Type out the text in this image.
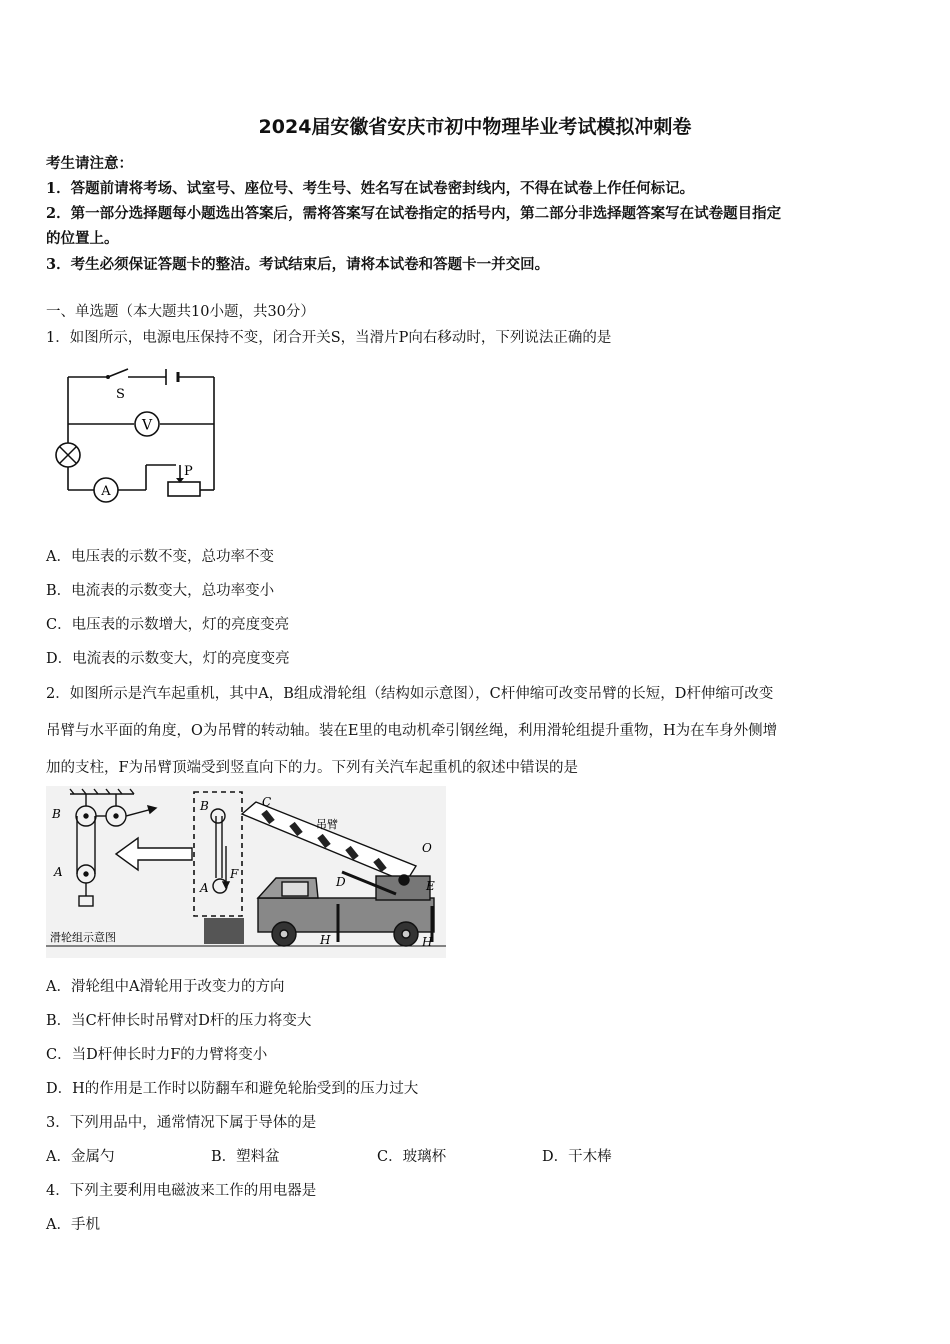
2024届安徽省安庆市初中物理毕业考试模拟冲刺卷
考生请注意：
1．答题前请将考场、试室号、座位号、考生号、姓名写在试卷密封线内，不得在试卷上作任何标记。
2．第一部分选择题每小题选出答案后，需将答案写在试卷指定的括号内，第二部分非选择题答案写在试卷题目指定
的位置上。
3．考生必须保证答题卡的整洁。考试结束后，请将本试卷和答题卡一并交回。
一、单选题（本大题共10小题，共30分）
1．如图所示，电源电压保持不变，闭合开关S，当滑片P向右移动时，下列说法正确的是
V
A
S
P
A．电压表的示数不变，总功率不变
B．电流表的示数变大，总功率变小
C．电压表的示数增大，灯的亮度变亮
D．电流表的示数变大，灯的亮度变亮
2．如图所示是汽车起重机，其中A，B组成滑轮组（结构如示意图），C杆伸缩可改变吊臂的长短，D杆伸缩可改变
吊臂与水平面的角度，O为吊臂的转动轴。装在E里的电动机牵引钢丝绳，利用滑轮组提升重物，H为在车身外侧增
加的支柱，F为吊臂顶端受到竖直向下的力。下列有关汽车起重机的叙述中错误的是
B
A
滑轮组示意图
B
A
F
C
吊臂
O
E
D
H	H
A．滑轮组中A滑轮用于改变力的方向
B．当C杆伸长时吊臂对D杆的压力将变大
C．当D杆伸长时力F的力臂将变小
D．H的作用是工作时以防翻车和避免轮胎受到的压力过大
3．下列用品中，通常情况下属于导体的是
A．金属勺	B．塑料盆	C．玻璃杯	D．干木棒
4．下列主要利用电磁波来工作的用电器是
A．手机
